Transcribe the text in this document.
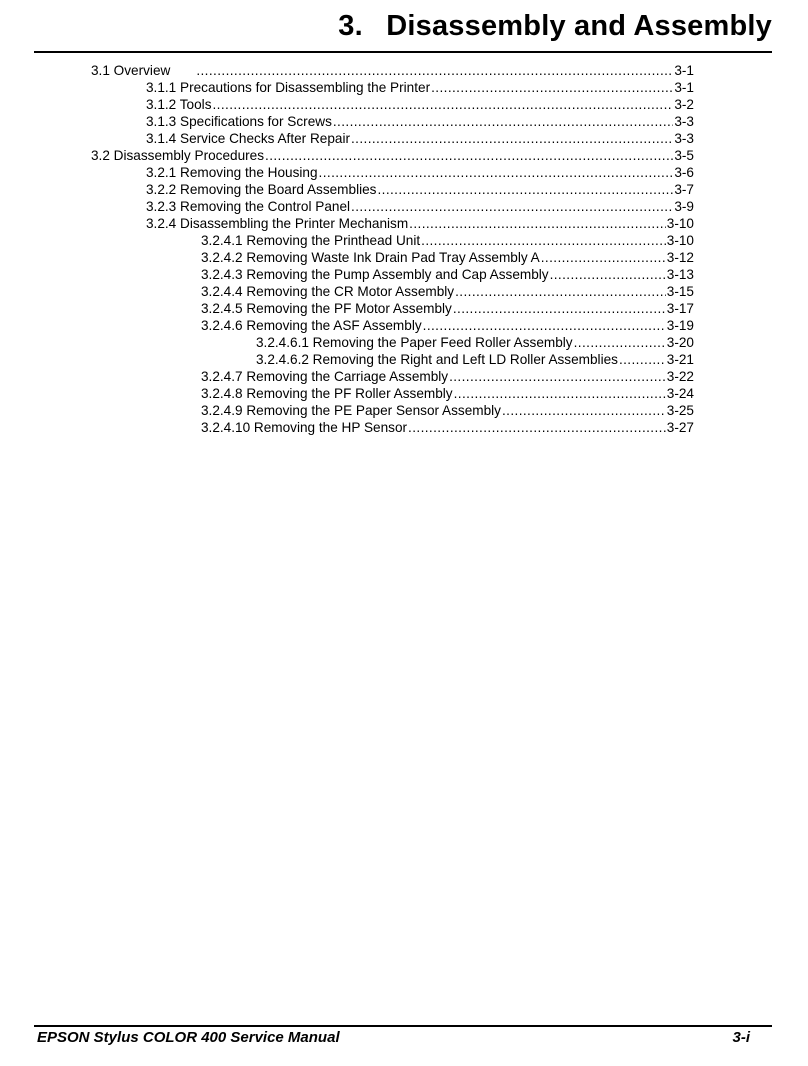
3. Disassembly and Assembly
3.1 Overview .....	3-1
3.1.1 Precautions for Disassembling the Printer .....	3-1
3.1.2 Tools .....	3-2
3.1.3 Specifications for Screws .....	3-3
3.1.4 Service Checks After Repair .....	3-3
3.2 Disassembly Procedures .....	3-5
3.2.1 Removing the Housing .....	3-6
3.2.2 Removing the Board Assemblies .....	3-7
3.2.3 Removing the Control Panel .....	3-9
3.2.4 Disassembling the Printer Mechanism .....	3-10
3.2.4.1 Removing the Printhead Unit .....	3-10
3.2.4.2 Removing Waste Ink Drain Pad Tray Assembly A .....	3-12
3.2.4.3 Removing the Pump Assembly and Cap Assembly .....	3-13
3.2.4.4 Removing the CR Motor Assembly .....	3-15
3.2.4.5 Removing the PF Motor Assembly .....	3-17
3.2.4.6 Removing the ASF Assembly .....	3-19
3.2.4.6.1 Removing the Paper Feed Roller Assembly .....	3-20
3.2.4.6.2 Removing the Right and Left LD Roller Assemblies .....	3-21
3.2.4.7 Removing the Carriage Assembly .....	3-22
3.2.4.8 Removing the PF Roller Assembly .....	3-24
3.2.4.9 Removing the PE Paper Sensor Assembly .....	3-25
3.2.4.10 Removing the HP Sensor .....	3-27
EPSON Stylus COLOR 400 Service Manual	3-i
